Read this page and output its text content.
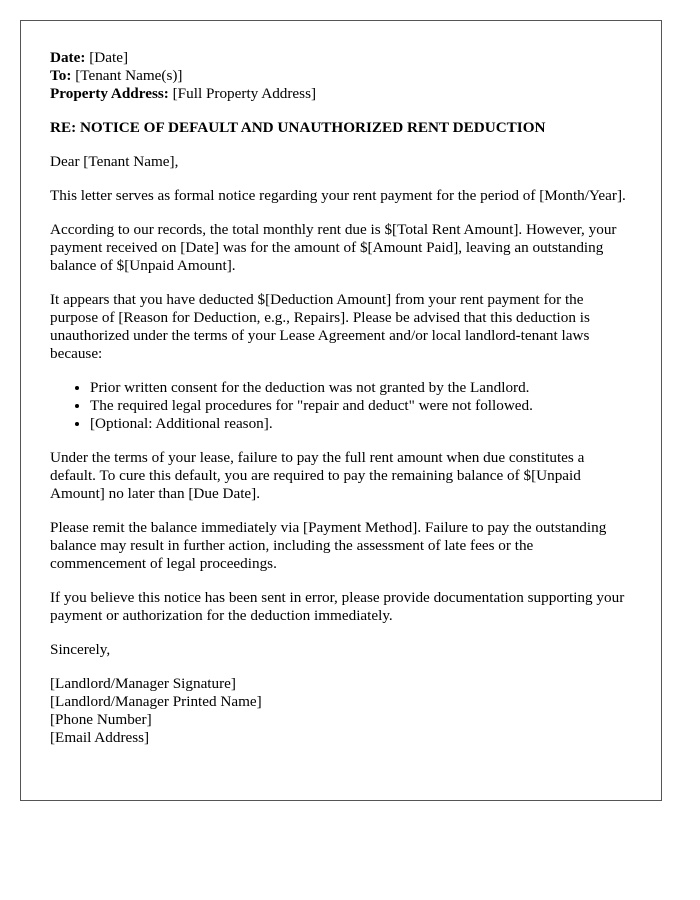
Date: [Date]
To: [Tenant Name(s)]
Property Address: [Full Property Address]
RE: NOTICE OF DEFAULT AND UNAUTHORIZED RENT DEDUCTION

Dear [Tenant Name],

This letter serves as formal notice regarding your rent payment for the period of [Month/Year].

According to our records, the total monthly rent due is $[Total Rent Amount]. However, your payment received on [Date] was for the amount of $[Amount Paid], leaving an outstanding balance of $[Unpaid Amount].

It appears that you have deducted $[Deduction Amount] from your rent payment for the purpose of [Reason for Deduction, e.g., Repairs]. Please be advised that this deduction is unauthorized under the terms of your Lease Agreement and/or local landlord-tenant laws because:

• Prior written consent for the deduction was not granted by the Landlord.
• The required legal procedures for "repair and deduct" were not followed.
• [Optional: Additional reason].

Under the terms of your lease, failure to pay the full rent amount when due constitutes a default. To cure this default, you are required to pay the remaining balance of $[Unpaid Amount] no later than [Due Date].

Please remit the balance immediately via [Payment Method]. Failure to pay the outstanding balance may result in further action, including the assessment of late fees or the commencement of legal proceedings.

If you believe this notice has been sent in error, please provide documentation supporting your payment or authorization for the deduction immediately.

Sincerely,

[Landlord/Manager Signature]
[Landlord/Manager Printed Name]
[Phone Number]
[Email Address]
